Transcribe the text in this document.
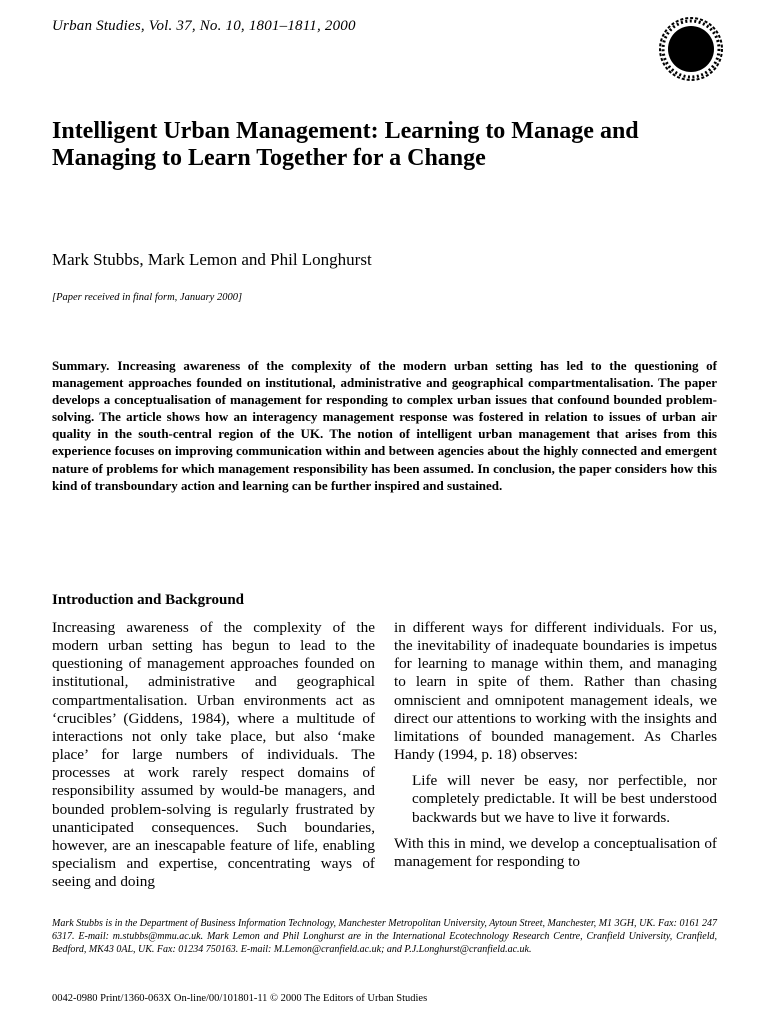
Urban Studies, Vol. 37, No. 10, 1801–1811, 2000
Intelligent Urban Management: Learning to Manage and Managing to Learn Together for a Change
Mark Stubbs, Mark Lemon and Phil Longhurst
[Paper received in final form, January 2000]

Summary. Increasing awareness of the complexity of the modern urban setting has led to the questioning of management approaches founded on institutional, administrative and geographical compartmentalisation. The paper develops a conceptualisation of management for responding to complex urban issues that confound bounded problem-solving. The article shows how an interagency management response was fostered in relation to issues of urban air quality in the south-central region of the UK. The notion of intelligent urban management that arises from this experience focuses on improving communication within and between agencies about the highly connected and emergent nature of problems for which management responsibility has been assumed. In conclusion, the paper considers how this kind of transboundary action and learning can be further inspired and sustained.

Introduction and Background

Increasing awareness of the complexity of the modern urban setting has begun to lead to the questioning of management approaches founded on institutional, administrative and geographical compartmentalisation. Urban environments act as ‘crucibles’ (Giddens, 1984), where a multitude of interactions not only take place, but also ‘make place’ for large numbers of individuals. The processes at work rarely respect domains of responsibility assumed by would-be managers, and bounded problem-solving is regularly frustrated by unanticipated consequences. Such boundaries, however, are an inescapable feature of life, enabling specialism and expertise, concentrating ways of seeing and doing

in different ways for different individuals. For us, the inevitability of inadequate boundaries is impetus for learning to manage within them, and managing to learn in spite of them. Rather than chasing omniscient and omnipotent management ideals, we direct our attentions to working with the insights and limitations of bounded management. As Charles Handy (1994, p. 18) observes:

Life will never be easy, nor perfectible, nor completely predictable. It will be best understood backwards but we have to live it forwards.

With this in mind, we develop a conceptualisation of management for responding to

Mark Stubbs is in the Department of Business Information Technology, Manchester Metropolitan University, Aytoun Street, Manchester, M1 3GH, UK. Fax: 0161 247 6317. E-mail: m.stubbs@mmu.ac.uk. Mark Lemon and Phil Longhurst are in the International Ecotechnology Research Centre, Cranfield University, Cranfield, Bedford, MK43 0AL, UK. Fax: 01234 750163. E-mail: M.Lemon@cranfield.ac.uk; and P.J.Longhurst@cranfield.ac.uk.

0042-0980 Print/1360-063X On-line/00/101801-11 © 2000 The Editors of Urban Studies
